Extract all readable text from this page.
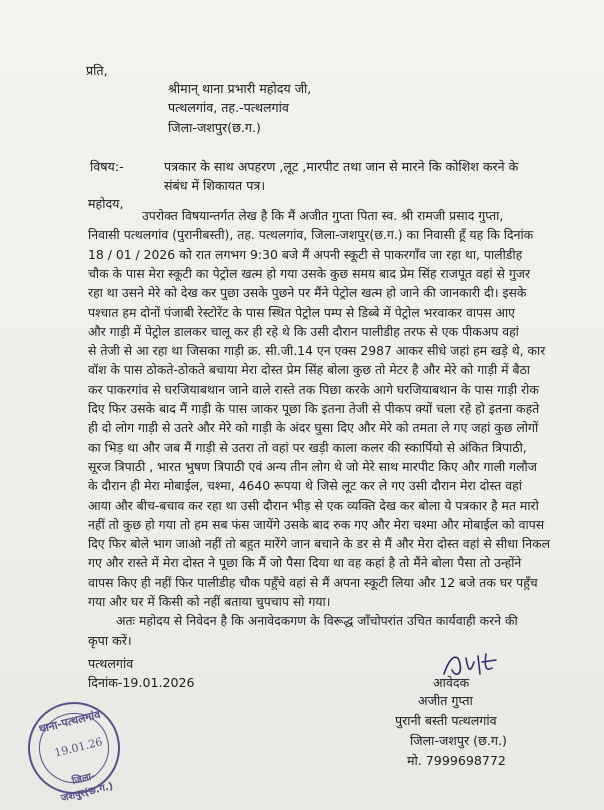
प्रति,
श्रीमान् थाना प्रभारी महोदय जी,
पत्थलगांव, तह.-पत्थलगांव
जिला-जशपुर(छ.ग.)
विषय:-	पत्रकार के साथ अपहरण ,लूट ,मारपीट तथा जान से मारने कि कोशिश करने के
संबंध में शिकायत पत्र।
महोदय,
उपरोक्त विषयान्तर्गत लेख है कि मैं अजीत गुप्ता पिता स्व. श्री रामजी प्रसाद गुप्ता,
निवासी पत्थलगांव (पुरानीबस्ती), तह. पत्थलगांव, जिला-जशपुर(छ.ग.) का निवासी हूँ यह कि दिनांक
18 / 01 / 2026 को रात लगभग 9:30 बजे मैं अपनी स्कूटी से पाकरगाँव जा रहा था, पालीडीह
चौक के पास मेरा स्कूटी का पेट्रोल खत्म हो गया उसके कुछ समय बाद प्रेम सिंह राजपूत वहां से गुजर
रहा था उसने मेरे को देख कर पुछा उसके पुछने पर मैंने पेट्रोल खत्म हो जाने की जानकारी दी। इसके
पश्चात हम दोनों पंजाबी रेस्टोरेंट के पास स्थित पेट्रोल पम्प से डिब्बे में पेट्रोल भरवाकर वापस आए
और गाड़ी में पेट्रोल डालकर चालू कर ही रहे थे कि उसी दौरान पालीडीह तरफ से एक पीकअप वहां
से तेजी से आ रहा था जिसका गाड़ी क्र. सी.जी.14 एन एक्स 2987 आकर सीधे जहां हम खड़े थे, कार
वॉश के पास ठोकते-ठोकते बचाया मेरा दोस्त प्रेम सिंह बोला कुछ तो मेटर है और मेरे को गाड़ी में बैठा
कर पाकरगांव से घरजियाबथान जाने वाले रास्ते तक पिछा करके आगे घरजियाबथान के पास गाड़ी रोक
दिए फिर उसके बाद मैं गाड़ी के पास जाकर पूछा कि इतना तेजी से पीकप क्यों चला रहे हो इतना कहते
ही दो लोग गाड़ी से उतरे और मेरे को गाड़ी के अंदर घुसा दिए और मेरे को तमता ले गए जहां कुछ लोगों
का भिड़ था और जब मैं गाड़ी से उतरा तो वहां पर खड़ी काला कलर की स्कार्पियो से अंकित त्रिपाठी,
सूरज त्रिपाठी , भारत भुषण त्रिपाठी एवं अन्य तीन लोग थे जो मेरे साथ मारपीट किए और गाली गलौज
के दौरान ही मेरा मोबाईल, चश्मा, 4640 रूपया थे जिसे लूट कर ले गए उसी दौरान मेरा दोस्त वहां
आया और बीच-बचाव कर रहा था उसी दौरान भीड़ से एक व्यक्ति देख कर बोला ये पत्रकार है मत मारो
नहीं तो कुछ हो गया तो हम सब फंस जायेंगे उसके बाद रुक गए और मेरा चश्मा और मोबाईल को वापस
दिए फिर बोले भाग जाओ नहीं तो बहुत मारेंगे जान बचाने के डर से मैं और मेरा दोस्त वहां से सीधा निकल
गए और रास्ते में मेरा दोस्त ने पूछा कि मैं जो पैसा दिया था वह कहां है तो मैंने बोला पैसा तो उन्होंने
वापस किए ही नहीं फिर पालीडीह चौक पहुँचे वहां से मैं अपना स्कूटी लिया और 12 बजे तक घर पहुँच
गया और घर में किसी को नहीं बताया चुपचाप सो गया।
अतः महोदय से निवेदन है कि अनावेदकगण के विरूद्ध जाँचोपरांत उचित कार्यवाही करने की
कृपा करें।
पत्थलगांव
दिनांक-19.01.2026	आवेदक
अजीत गुप्ता
पुरानी बस्ती पत्थलगांव
जिला-जशपुर (छ.ग.)
मो. 7999698772
थाना-पत्थलगांव
19.01.26
जिला-जशपुर(छ.ग.)
